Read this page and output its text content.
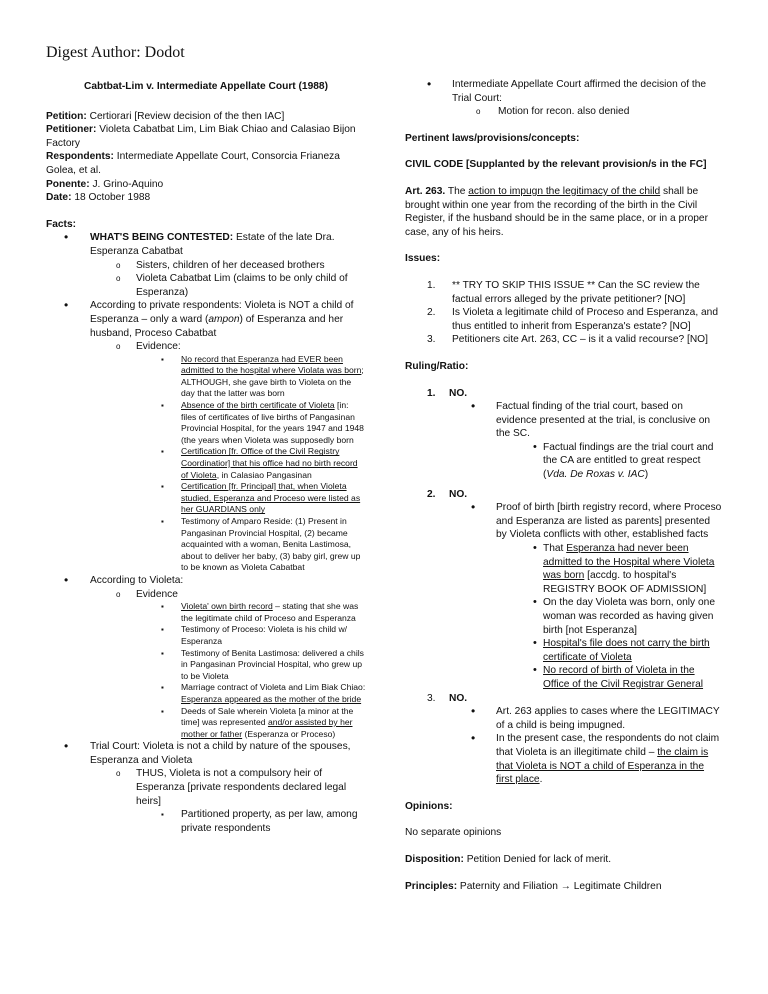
Digest Author: Dodot
Cabtbat-Lim v. Intermediate Appellate Court (1988)

Petition: Certiorari [Review decision of the then IAC]

Petitioner: Violeta Cabatbat Lim, Lim Biak Chiao and Calasiao Bijon Factory

Respondents: Intermediate Appellate Court, Consorcia Frianeza Golea, et al.

Ponente: J. Grino-Aquino

Date: 18 October 1988

Facts:

• WHAT'S BEING CONTESTED: Estate of the late Dra. Esperanza Cabatbat
o Sisters, children of her deceased brothers
o Violeta Cabatbat Lim (claims to be only child of Esperanza)
• According to private respondents: Violeta is NOT a child of Esperanza – only a ward (ampon) of Esperanza and her husband, Proceso Cabatbat
o Evidence:
▪ No record that Esperanza had EVER been admitted to the hospital where Violata was born; ALTHOUGH, she gave birth to Violeta on the day that the latter was born
▪ Absence of the birth certificate of Violeta [in: files of certificates of live births of Pangasinan Provincial Hospital, for the years 1947 and 1948 (the years when Violeta was supposedly born
▪ Certification [fr. Office of the Civil Registry Coordinatior] that his office had no birth record of Violeta, in Calasiao Pangasinan
▪ Certification [fr. Principal] that, when Violeta studied, Esperanza and Proceso were listed as her GUARDIANS only
▪ Testimony of Amparo Reside: (1) Present in Pangasinan Provincial Hospital, (2) became acquainted with a woman, Benita Lastimosa, about to deliver her baby, (3) baby girl, grew up to be known as Violeta Cabatbat
• According to Violeta:
o Evidence
▪ Violeta' own birth record – stating that she was the legitimate child of Proceso and Esperanza
▪ Testimony of Proceso: Violeta is his child w/ Esperanza
▪ Testimony of Benita Lastimosa: delivered a chils in Pangasinan Provincial Hospital, who grew up to be Violeta
▪ Marriage contract of Violeta and Lim Biak Chiao: Esperanza appeared as the mother of the bride
▪ Deeds of Sale wherein Violeta [a minor at the time] was represented and/or assisted by her mother or father (Esperanza or Proceso)
• Trial Court: Violeta is not a child by nature of the spouses, Esperanza and Violeta
o THUS, Violeta is not a compulsory heir of Esperanza [private respondents declared legal heirs]
▪ Partitioned property, as per law, among private respondents
• Intermediate Appellate Court affirmed the decision of the Trial Court:
o Motion for recon. also denied

Pertinent laws/provisions/concepts:

CIVIL CODE [Supplanted by the relevant provision/s in the FC]

Art. 263. The action to impugn the legitimacy of the child shall be brought within one year from the recording of the birth in the Civil Register, if the husband should be in the same place, or in a proper case, any of his heirs.

Issues:

1. ** TRY TO SKIP THIS ISSUE ** Can the SC review the factual errors alleged by the private petitioner? [NO]
2. Is Violeta a legitimate child of Proceso and Esperanza, and thus entitled to inherit from Esperanza's estate? [NO]
3. Petitioners cite Art. 263, CC – is it a valid recourse? [NO]

Ruling/Ratio:

1. NO.
• Factual finding of the trial court, based on evidence presented at the trial, is conclusive on the SC.
• Factual findings are the trial court and the CA are entitled to great respect (Vda. De Roxas v. IAC)
2. NO.
• Proof of birth [birth registry record, where Proceso and Esperanza are listed as parents] presented by Violeta conflicts with other, established facts
• That Esperanza had never been admitted to the Hospital where Violeta was born [accdg. to hospital's REGISTRY BOOK OF ADMISSION]
• On the day Violeta was born, only one woman was recorded as having given birth [not Esperanza]
• Hospital's file does not carry the birth certificate of Violeta
• No record of birth of Violeta in the Office of the Civil Registrar General
3. NO.
• Art. 263 applies to cases where the LEGITIMACY of a child is being impugned.
• In the present case, the respondents do not claim that Violeta is an illegitimate child – the claim is that Violeta is NOT a child of Esperanza in the first place.

Opinions:

No separate opinions

Disposition: Petition Denied for lack of merit.

Principles: Paternity and Filiation → Legitimate Children
